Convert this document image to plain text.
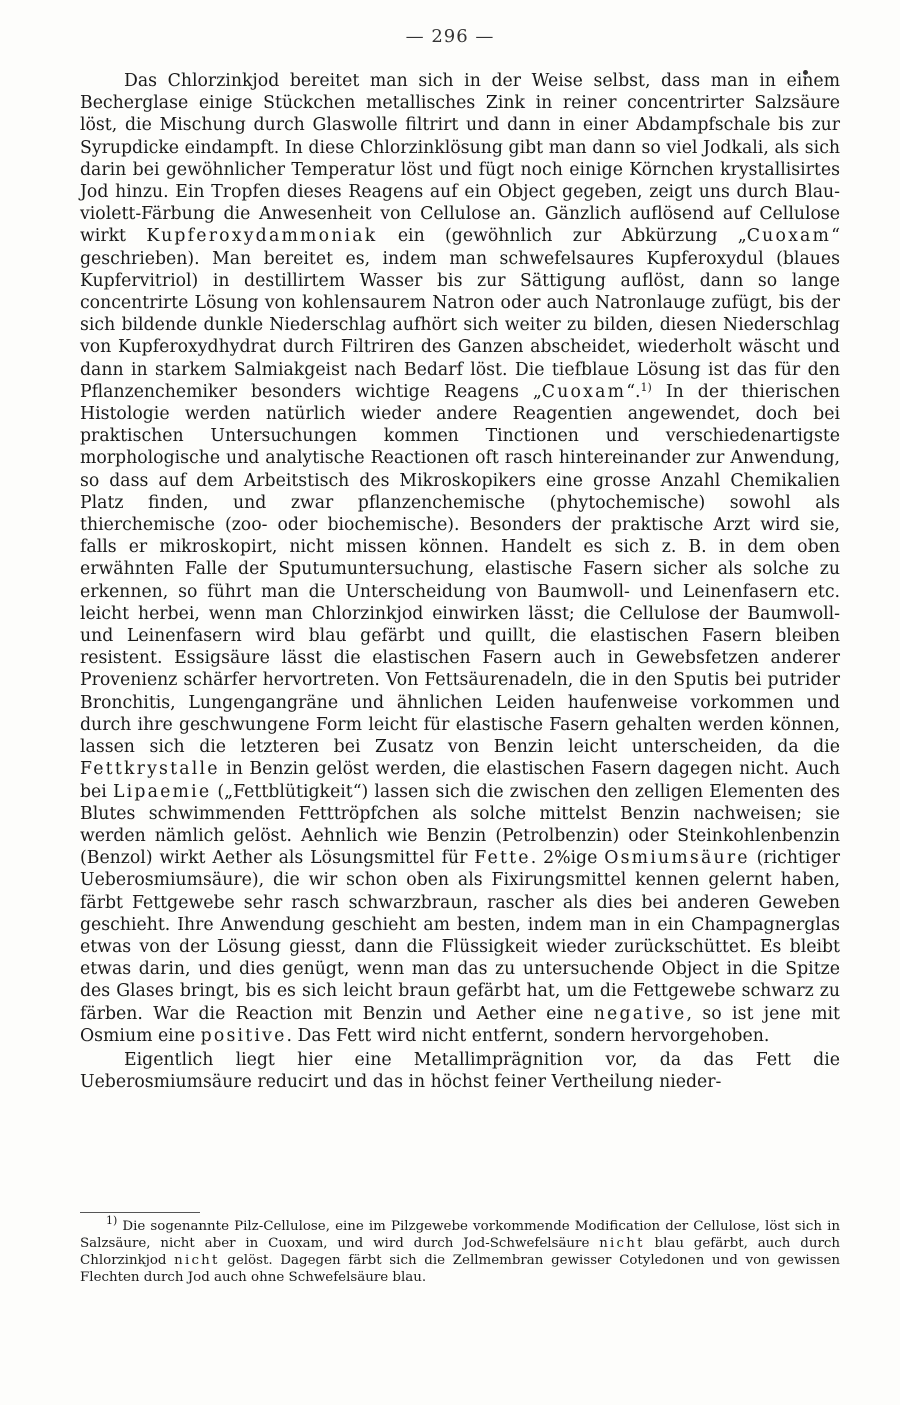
— 296 —

Das Chlorzinkjod bereitet man sich in der Weise selbst, dass man in einem Becherglase einige Stückchen metallisches Zink in reiner concentrirter Salzsäure löst, die Mischung durch Glaswolle filtrirt und dann in einer Abdampfschale bis zur Syrupdicke eindampft. In diese Chlorzinklösung gibt man dann so viel Jodkali, als sich darin bei gewöhnlicher Temperatur löst und fügt noch einige Körnchen krystallisirtes Jod hinzu. Ein Tropfen dieses Reagens auf ein Object gegeben, zeigt uns durch Blau-violett-Färbung die Anwesenheit von Cellulose an. Gänzlich auflösend auf Cellulose wirkt Kupferoxydammoniak ein (gewöhnlich zur Abkürzung „Cuoxam“ geschrieben). Man bereitet es, indem man schwefelsaures Kupferoxydul (blaues Kupfervitriol) in destillirtem Wasser bis zur Sättigung auflöst, dann so lange concentrirte Lösung von kohlensaurem Natron oder auch Natronlauge zufügt, bis der sich bildende dunkle Niederschlag aufhört sich weiter zu bilden, diesen Niederschlag von Kupferoxydhydrat durch Filtriren des Ganzen abscheidet, wiederholt wäscht und dann in starkem Salmiakgeist nach Bedarf löst. Die tiefblaue Lösung ist das für den Pflanzenchemiker besonders wichtige Reagens „Cuoxam“.$^{1)}$ In der thierischen Histologie werden natürlich wieder andere Reagentien angewendet, doch bei praktischen Untersuchungen kommen Tinctionen und verschiedenartigste morphologische und analytische Reactionen oft rasch hintereinander zur Anwendung, so dass auf dem Arbeitstisch des Mikroskopikers eine grosse Anzahl Chemikalien Platz finden, und zwar pflanzenchemische (phytochemische) sowohl als thierchemische (zoo- oder biochemische). Besonders der praktische Arzt wird sie, falls er mikroskopirt, nicht missen können. Handelt es sich z. B. in dem oben erwähnten Falle der Sputumuntersuchung, elastische Fasern sicher als solche zu erkennen, so führt man die Unterscheidung von Baumwoll- und Leinenfasern etc. leicht herbei, wenn man Chlorzinkjod einwirken lässt; die Cellulose der Baumwoll- und Leinenfasern wird blau gefärbt und quillt, die elastischen Fasern bleiben resistent. Essigsäure lässt die elastischen Fasern auch in Gewebsfetzen anderer Provenienz schärfer hervortreten. Von Fettsäurenadeln, die in den Sputis bei putrider Bronchitis, Lungengangräne und ähnlichen Leiden haufenweise vorkommen und durch ihre geschwungene Form leicht für elastische Fasern gehalten werden können, lassen sich die letzteren bei Zusatz von Benzin leicht unterscheiden, da die Fettkrystalle in Benzin gelöst werden, die elastischen Fasern dagegen nicht. Auch bei Lipaemie („Fettblütigkeit“) lassen sich die zwischen den zelligen Elementen des Blutes schwimmenden Fetttröpfchen als solche mittelst Benzin nachweisen; sie werden nämlich gelöst. Aehnlich wie Benzin (Petrolbenzin) oder Steinkohlenbenzin (Benzol) wirkt Aether als Lösungsmittel für Fette. 2%ige Osmiumsäure (richtiger Ueberosmiumsäure), die wir schon oben als Fixirungsmittel kennen gelernt haben, färbt Fettgewebe sehr rasch schwarzbraun, rascher als dies bei anderen Geweben geschieht. Ihre Anwendung geschieht am besten, indem man in ein Champagnerglas etwas von der Lösung giesst, dann die Flüssigkeit wieder zurückschüttet. Es bleibt etwas darin, und dies genügt, wenn man das zu untersuchende Object in die Spitze des Glases bringt, bis es sich leicht braun gefärbt hat, um die Fettgewebe schwarz zu färben. War die Reaction mit Benzin und Aether eine negative, so ist jene mit Osmium eine positive. Das Fett wird nicht entfernt, sondern hervorgehoben.

Eigentlich liegt hier eine Metallimprägnition vor, da das Fett die Ueberosmiumsäure reducirt und das in höchst feiner Vertheilung nieder-

$^{1)}$ Die sogenannte Pilz-Cellulose, eine im Pilzgewebe vorkommende Modification der Cellulose, löst sich in Salzsäure, nicht aber in Cuoxam, und wird durch Jod-Schwefelsäure nicht blau gefärbt, auch durch Chlorzinkjod nicht gelöst. Dagegen färbt sich die Zellmembran gewisser Cotyledonen und von gewissen Flechten durch Jod auch ohne Schwefelsäure blau.
